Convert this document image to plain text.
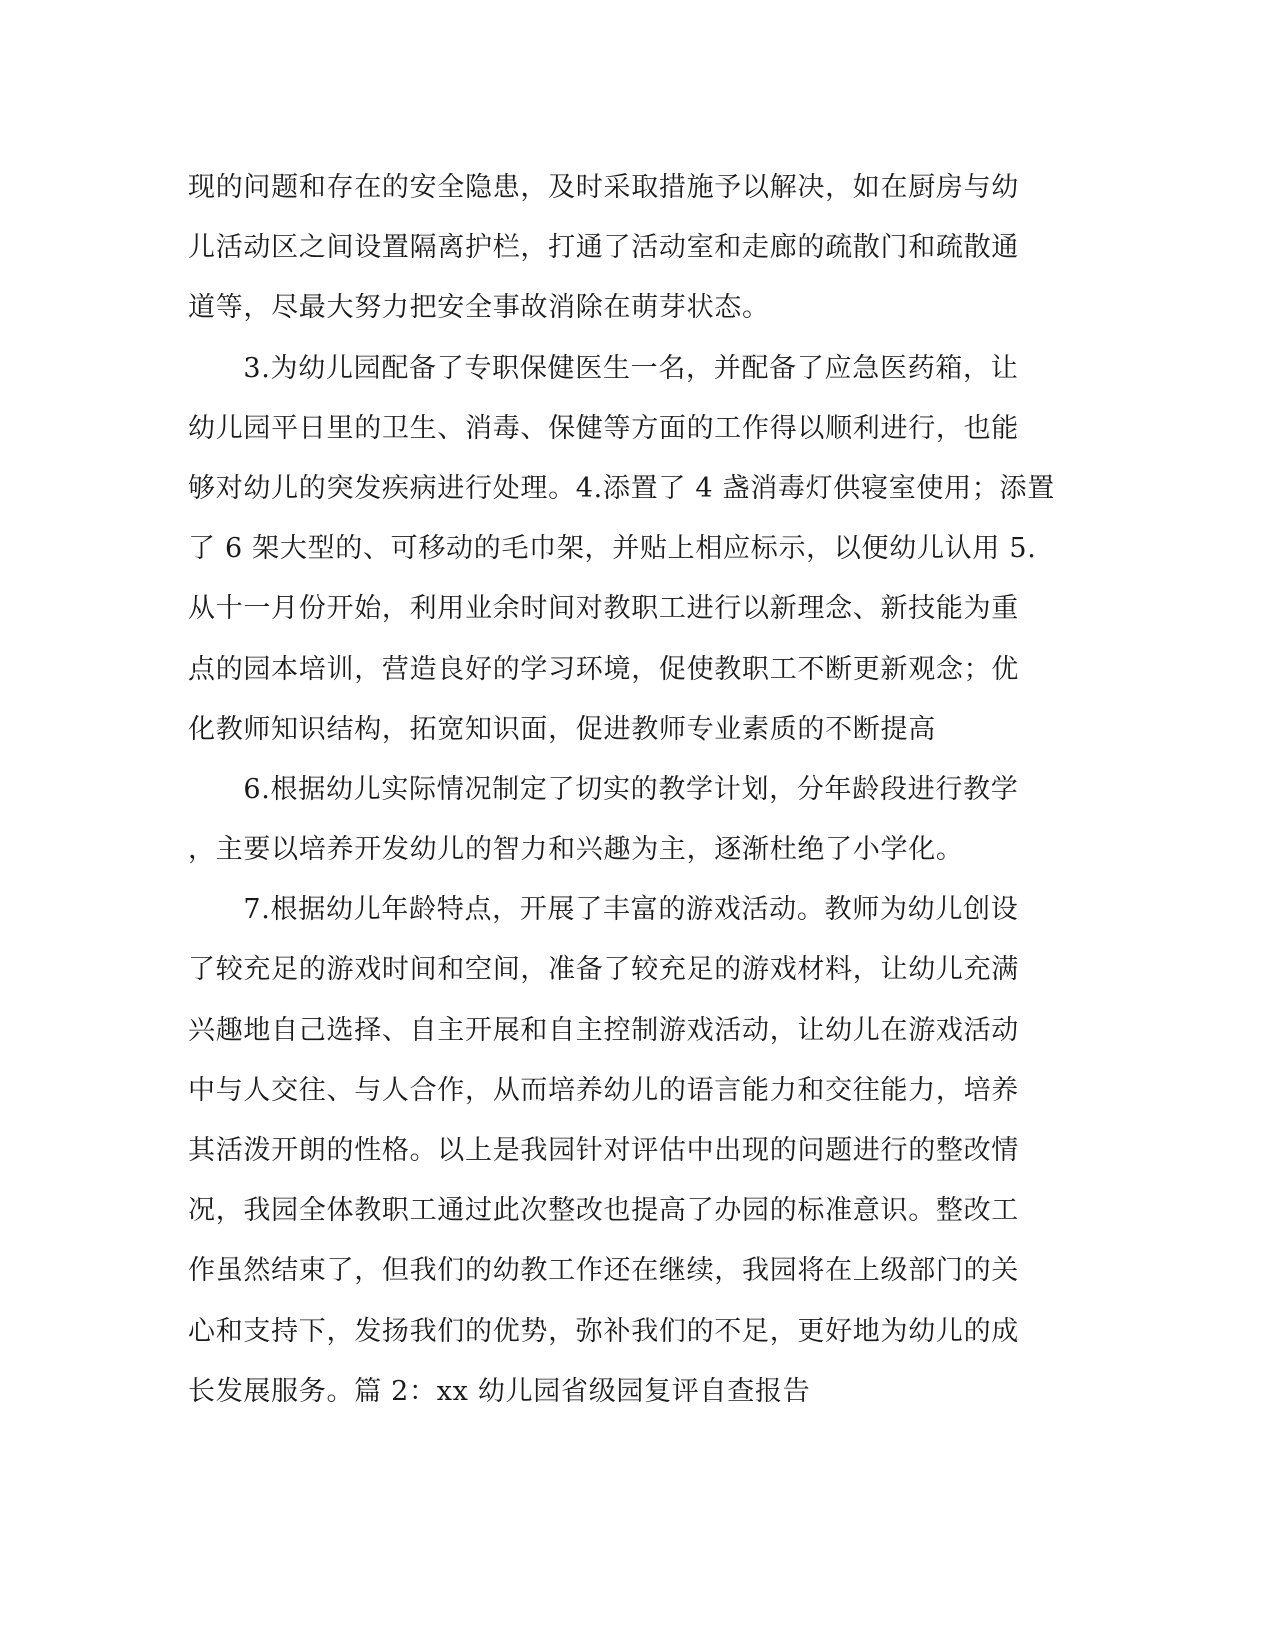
现的问题和存在的安全隐患，及时采取措施予以解决，如在厨房与幼
儿活动区之间设置隔离护栏，打通了活动室和走廊的疏散门和疏散通
道等，尽最大努力把安全事故消除在萌芽状态。
　　3.为幼儿园配备了专职保健医生一名，并配备了应急医药箱，让
幼儿园平日里的卫生、消毒、保健等方面的工作得以顺利进行，也能
够对幼儿的突发疾病进行处理。4.添置了 4 盏消毒灯供寝室使用；添置
了 6 架大型的、可移动的毛巾架，并贴上相应标示，以便幼儿认用 5.
从十一月份开始，利用业余时间对教职工进行以新理念、新技能为重
点的园本培训，营造良好的学习环境，促使教职工不断更新观念；优
化教师知识结构，拓宽知识面，促进教师专业素质的不断提高
　　6.根据幼儿实际情况制定了切实的教学计划，分年龄段进行教学
，主要以培养开发幼儿的智力和兴趣为主，逐渐杜绝了小学化。
　　7.根据幼儿年龄特点，开展了丰富的游戏活动。教师为幼儿创设
了较充足的游戏时间和空间，准备了较充足的游戏材料，让幼儿充满
兴趣地自己选择、自主开展和自主控制游戏活动，让幼儿在游戏活动
中与人交往、与人合作，从而培养幼儿的语言能力和交往能力，培养
其活泼开朗的性格。以上是我园针对评估中出现的问题进行的整改情
况，我园全体教职工通过此次整改也提高了办园的标准意识。整改工
作虽然结束了，但我们的幼教工作还在继续，我园将在上级部门的关
心和支持下，发扬我们的优势，弥补我们的不足，更好地为幼儿的成
长发展服务。篇 2：xx 幼儿园省级园复评自查报告
